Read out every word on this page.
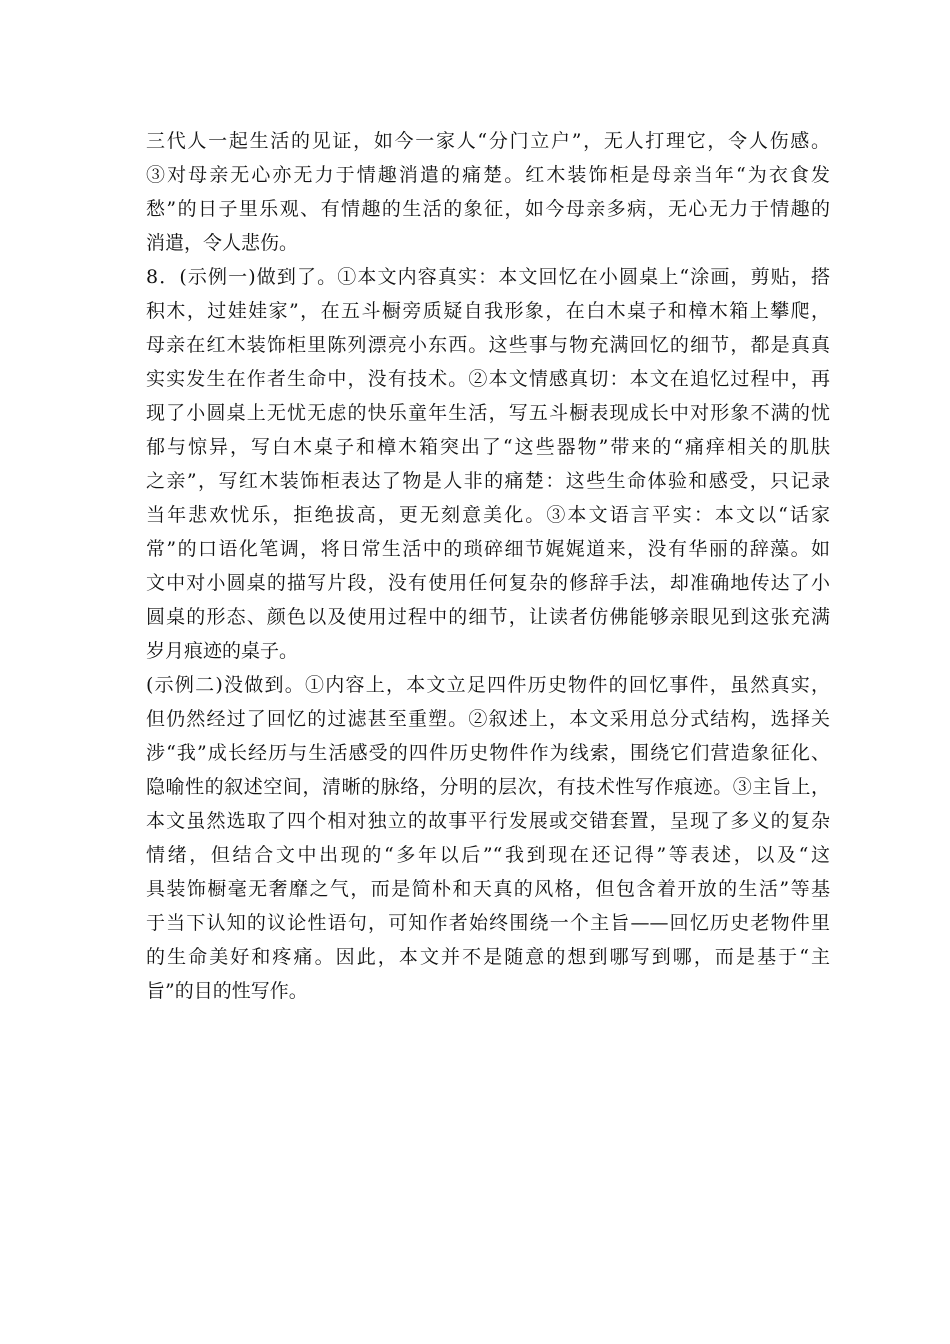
三代人一起生活的见证，如今一家人“分门立户”，无人打理它，令人伤感。
③对母亲无心亦无力于情趣消遣的痛楚。红木装饰柜是母亲当年“为衣食发
愁”的日子里乐观、有情趣的生活的象征，如今母亲多病，无心无力于情趣的
消遣，令人悲伤。
8．(示例一)做到了。①本文内容真实：本文回忆在小圆桌上“涂画，剪贴，搭
积木，过娃娃家”，在五斗橱旁质疑自我形象，在白木桌子和樟木箱上攀爬，
母亲在红木装饰柜里陈列漂亮小东西。这些事与物充满回忆的细节，都是真真
实实发生在作者生命中，没有技术。②本文情感真切：本文在追忆过程中，再
现了小圆桌上无忧无虑的快乐童年生活，写五斗橱表现成长中对形象不满的忧
郁与惊异，写白木桌子和樟木箱突出了“这些器物”带来的“痛痒相关的肌肤
之亲”，写红木装饰柜表达了物是人非的痛楚：这些生命体验和感受，只记录
当年悲欢忧乐，拒绝拔高，更无刻意美化。③本文语言平实：本文以“话家
常”的口语化笔调，将日常生活中的琐碎细节娓娓道来，没有华丽的辞藻。如
文中对小圆桌的描写片段，没有使用任何复杂的修辞手法，却准确地传达了小
圆桌的形态、颜色以及使用过程中的细节，让读者仿佛能够亲眼见到这张充满
岁月痕迹的桌子。
(示例二)没做到。①内容上，本文立足四件历史物件的回忆事件，虽然真实，
但仍然经过了回忆的过滤甚至重塑。②叙述上，本文采用总分式结构，选择关
涉“我”成长经历与生活感受的四件历史物件作为线索，围绕它们营造象征化、
隐喻性的叙述空间，清晰的脉络，分明的层次，有技术性写作痕迹。③主旨上，
本文虽然选取了四个相对独立的故事平行发展或交错套置，呈现了多义的复杂
情绪，但结合文中出现的“多年以后”“我到现在还记得”等表述，以及“这
具装饰橱毫无奢靡之气，而是简朴和天真的风格，但包含着开放的生活”等基
于当下认知的议论性语句，可知作者始终围绕一个主旨——回忆历史老物件里
的生命美好和疼痛。因此，本文并不是随意的想到哪写到哪，而是基于“主
旨”的目的性写作。
